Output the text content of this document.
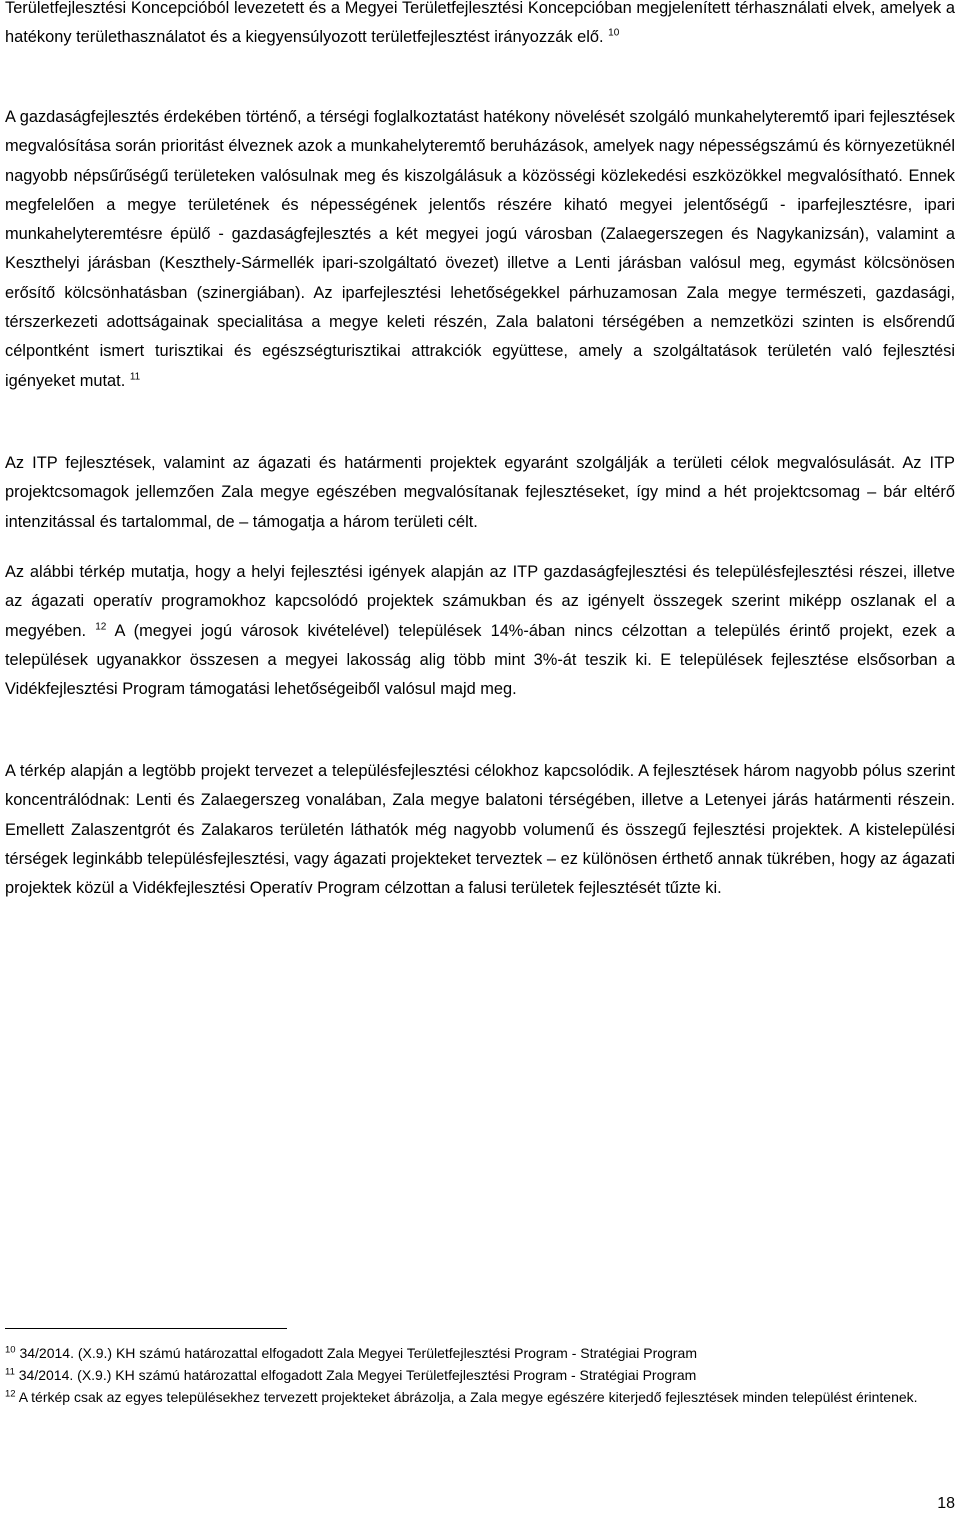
Területfejlesztési Koncepcióból levezetett és a Megyei Területfejlesztési Koncepcióban megjelenített térhasználati elvek, amelyek a hatékony területhasználatot és a kiegyensúlyozott területfejlesztést irányozzák elő. $^{10}$

A gazdaságfejlesztés érdekében történő, a térségi foglalkoztatást hatékony növelését szolgáló munkahelyteremtő ipari fejlesztések megvalósítása során prioritást élveznek azok a munkahelyteremtő beruházások, amelyek nagy népességszámú és környezetüknél nagyobb népsűrűségű területeken valósulnak meg és kiszolgálásuk a közösségi közlekedési eszközökkel megvalósítható. Ennek megfelelően a megye területének és népességének jelentős részére kiható megyei jelentőségű - iparfejlesztésre, ipari munkahelyteremtésre épülő - gazdaságfejlesztés a két megyei jogú városban (Zalaegerszegen és Nagykanizsán), valamint a Keszthelyi járásban (Keszthely-Sármellék ipari-szolgáltató övezet) illetve a Lenti járásban valósul meg, egymást kölcsönösen erősítő kölcsönhatásban (szinergiában). Az iparfejlesztési lehetőségekkel párhuzamosan Zala megye természeti, gazdasági, térszerkezeti adottságainak specialitása a megye keleti részén, Zala balatoni térségében a nemzetközi szinten is elsőrendű célpontként ismert turisztikai és egészségturisztikai attrakciók együttese, amely a szolgáltatások területén való fejlesztési igényeket mutat. $^{11}$

Az ITP fejlesztések, valamint az ágazati és határmenti projektek egyaránt szolgálják a területi célok megvalósulását. Az ITP projektcsomagok jellemzően Zala megye egészében megvalósítanak fejlesztéseket, így mind a hét projektcsomag – bár eltérő intenzitással és tartalommal, de – támogatja a három területi célt.

Az alábbi térkép mutatja, hogy a helyi fejlesztési igények alapján az ITP gazdaságfejlesztési és településfejlesztési részei, illetve az ágazati operatív programokhoz kapcsolódó projektek számukban és az igényelt összegek szerint miképp oszlanak el a megyében. $^{12}$ A (megyei jogú városok kivételével) települések 14%-ában nincs célzottan a település érintő projekt, ezek a települések ugyanakkor összesen a megyei lakosság alig több mint 3%-át teszik ki. E települések fejlesztése elsősorban a Vidékfejlesztési Program támogatási lehetőségeiből valósul majd meg.

A térkép alapján a legtöbb projekt tervezet a településfejlesztési célokhoz kapcsolódik. A fejlesztések három nagyobb pólus szerint koncentrálódnak: Lenti és Zalaegerszeg vonalában, Zala megye balatoni térségében, illetve a Letenyei járás határmenti részein. Emellett Zalaszentgrót és Zalakaros területén láthatók még nagyobb volumenű és összegű fejlesztési projektek. A kistelepülési térségek leginkább településfejlesztési, vagy ágazati projekteket terveztek – ez különösen érthető annak tükrében, hogy az ágazati projektek közül a Vidékfejlesztési Operatív Program célzottan a falusi területek fejlesztését tűzte ki.

$^{10}$ 34/2014. (X.9.) KH számú határozattal elfogadott Zala Megyei Területfejlesztési Program - Stratégiai Program

$^{11}$ 34/2014. (X.9.) KH számú határozattal elfogadott Zala Megyei Területfejlesztési Program - Stratégiai Program

$^{12}$ A térkép csak az egyes településekhez tervezett projekteket ábrázolja, a Zala megye egészére kiterjedő fejlesztések minden települést érintenek.

18
